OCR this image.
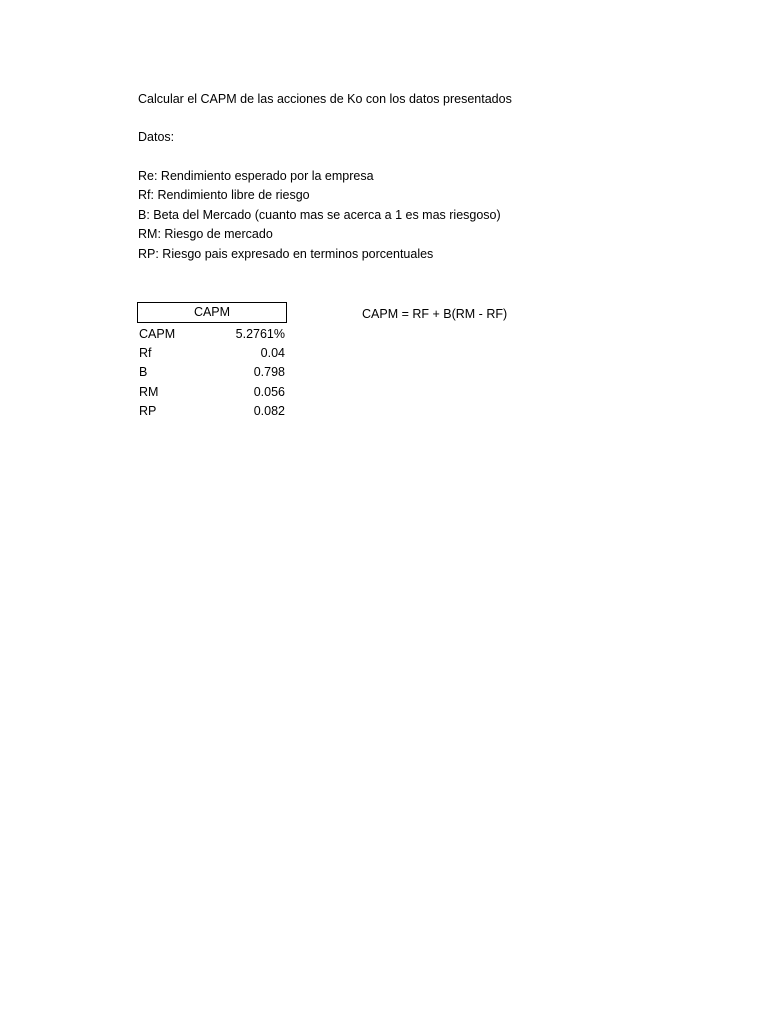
Calcular el CAPM de las acciones de Ko con los datos presentados
Datos:
Re: Rendimiento esperado por la empresa
Rf: Rendimiento libre de riesgo
B: Beta del Mercado (cuanto mas se acerca a 1 es mas riesgoso)
RM: Riesgo de mercado
RP: Riesgo pais expresado en terminos porcentuales
CAPM
CAPM	5.2761%
Rf	0.04
B	0.798
RM	0.056
RP	0.082
CAPM = RF + B(RM - RF)
